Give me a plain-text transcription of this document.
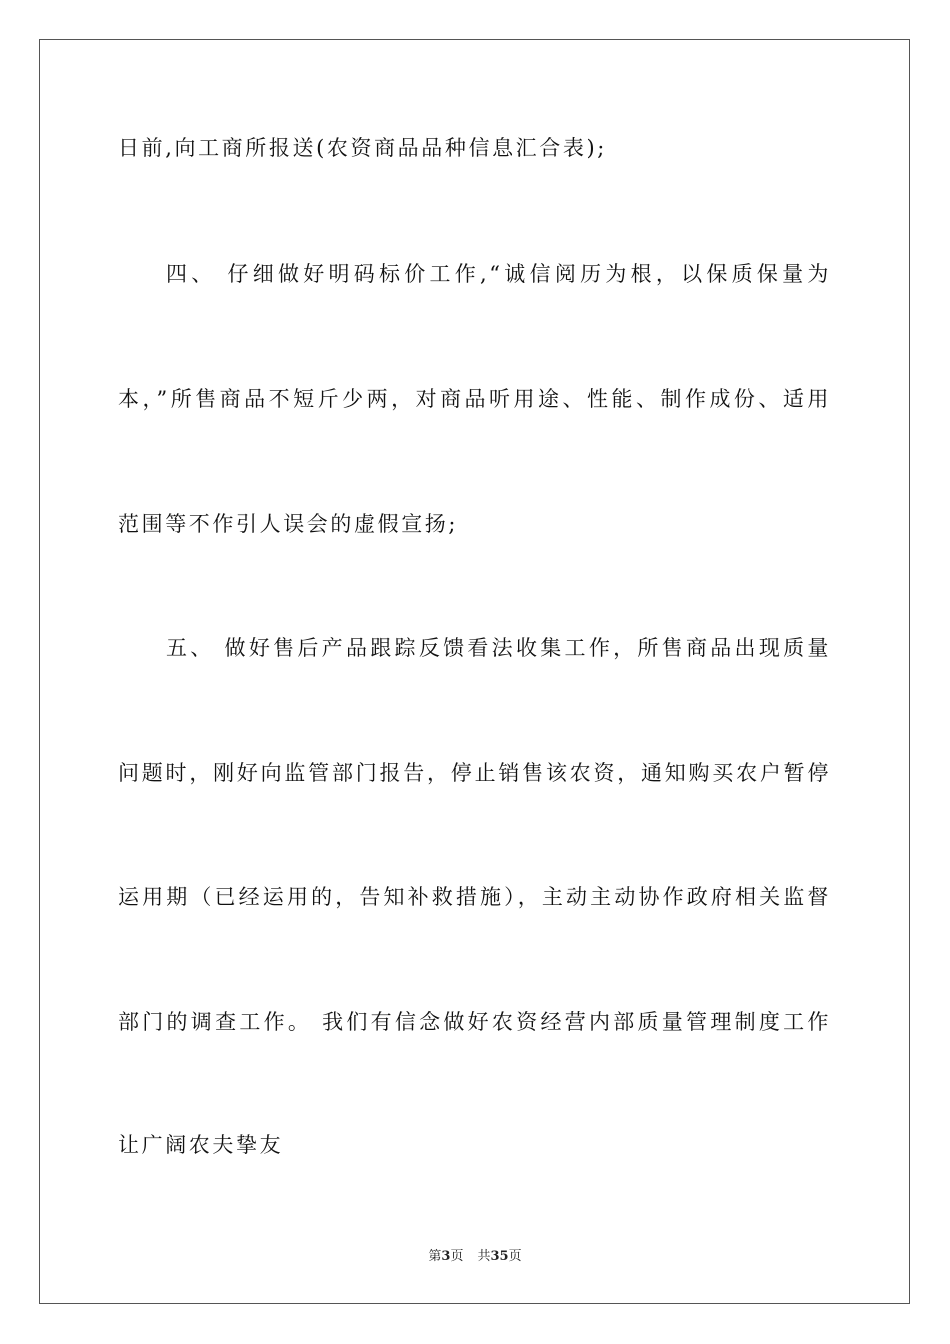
日前,向工商所报送(农资商品品种信息汇合表);
四、 仔细做好明码标价工作,“诚信阅历为根，以保质保量为
本，”所售商品不短斤少两，对商品听用途、性能、制作成份、适用
范围等不作引人误会的虚假宣扬;
五、 做好售后产品跟踪反馈看法收集工作，所售商品出现质量
问题时，刚好向监管部门报告，停止销售该农资，通知购买农户暂停
运用期（已经运用的，告知补救措施），主动主动协作政府相关监督
部门的调查工作。 我们有信念做好农资经营内部质量管理制度工作
让广阔农夫挚友
第3页 共35页
